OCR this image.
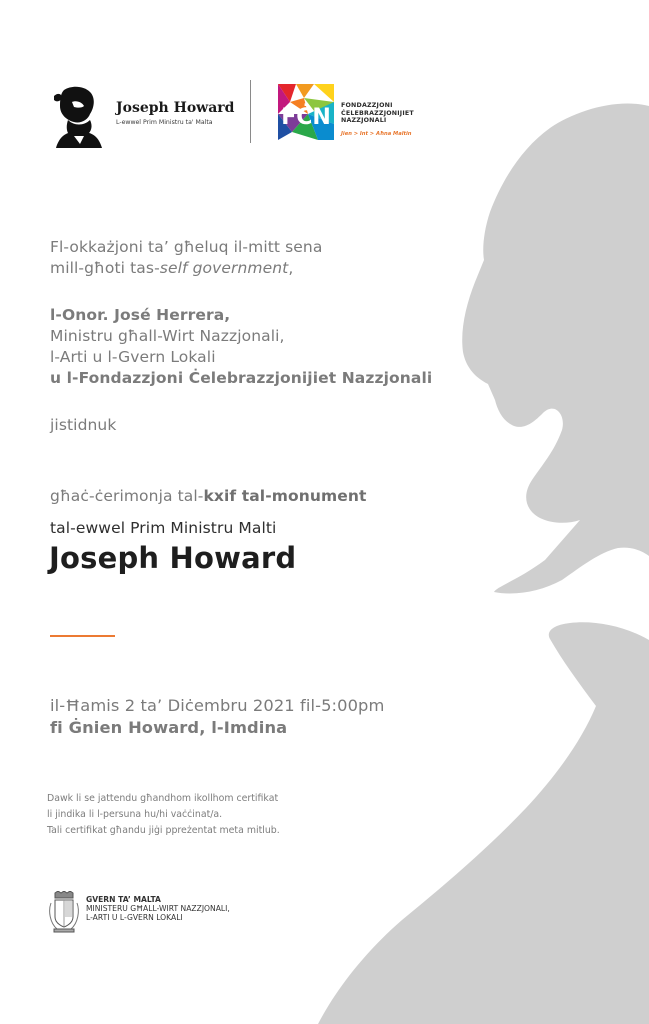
Joseph Howard
L-ewwel Prim Ministru ta' Malta	FĊN FONDAZZJONI
ĊELEBRAZZJONIJIET
NAZZJONALI
Jien > Int > Aħna Maltin
Fl-okkażjoni ta’ għeluq il-mitt sena
mill-għoti tas-self government,
l-Onor. José Herrera,
Ministru għall-Wirt Nazzjonali,
l-Arti u l-Gvern Lokali
u l-Fondazzjoni Ċelebrazzjonijiet Nazzjonali
jistidnuk
għaċ-ċerimonja tal-kxif tal-monument
tal-ewwel Prim Ministru Malti
Joseph Howard
il-Ħamis 2 ta’ Diċembru 2021 fil-5:00pm
fi Ġnien Howard, l-Imdina
Dawk li se jattendu għandhom ikollhom certifikat
li jindika li l-persuna hu/hi vaċċinat/a.
Tali certifikat għandu jiġi ppreżentat meta mitlub.
GVERN TA’ MALTA
MINISTERU GĦALL-WIRT NAZZJONALI,
L-ARTI U L-GVERN LOKALI
